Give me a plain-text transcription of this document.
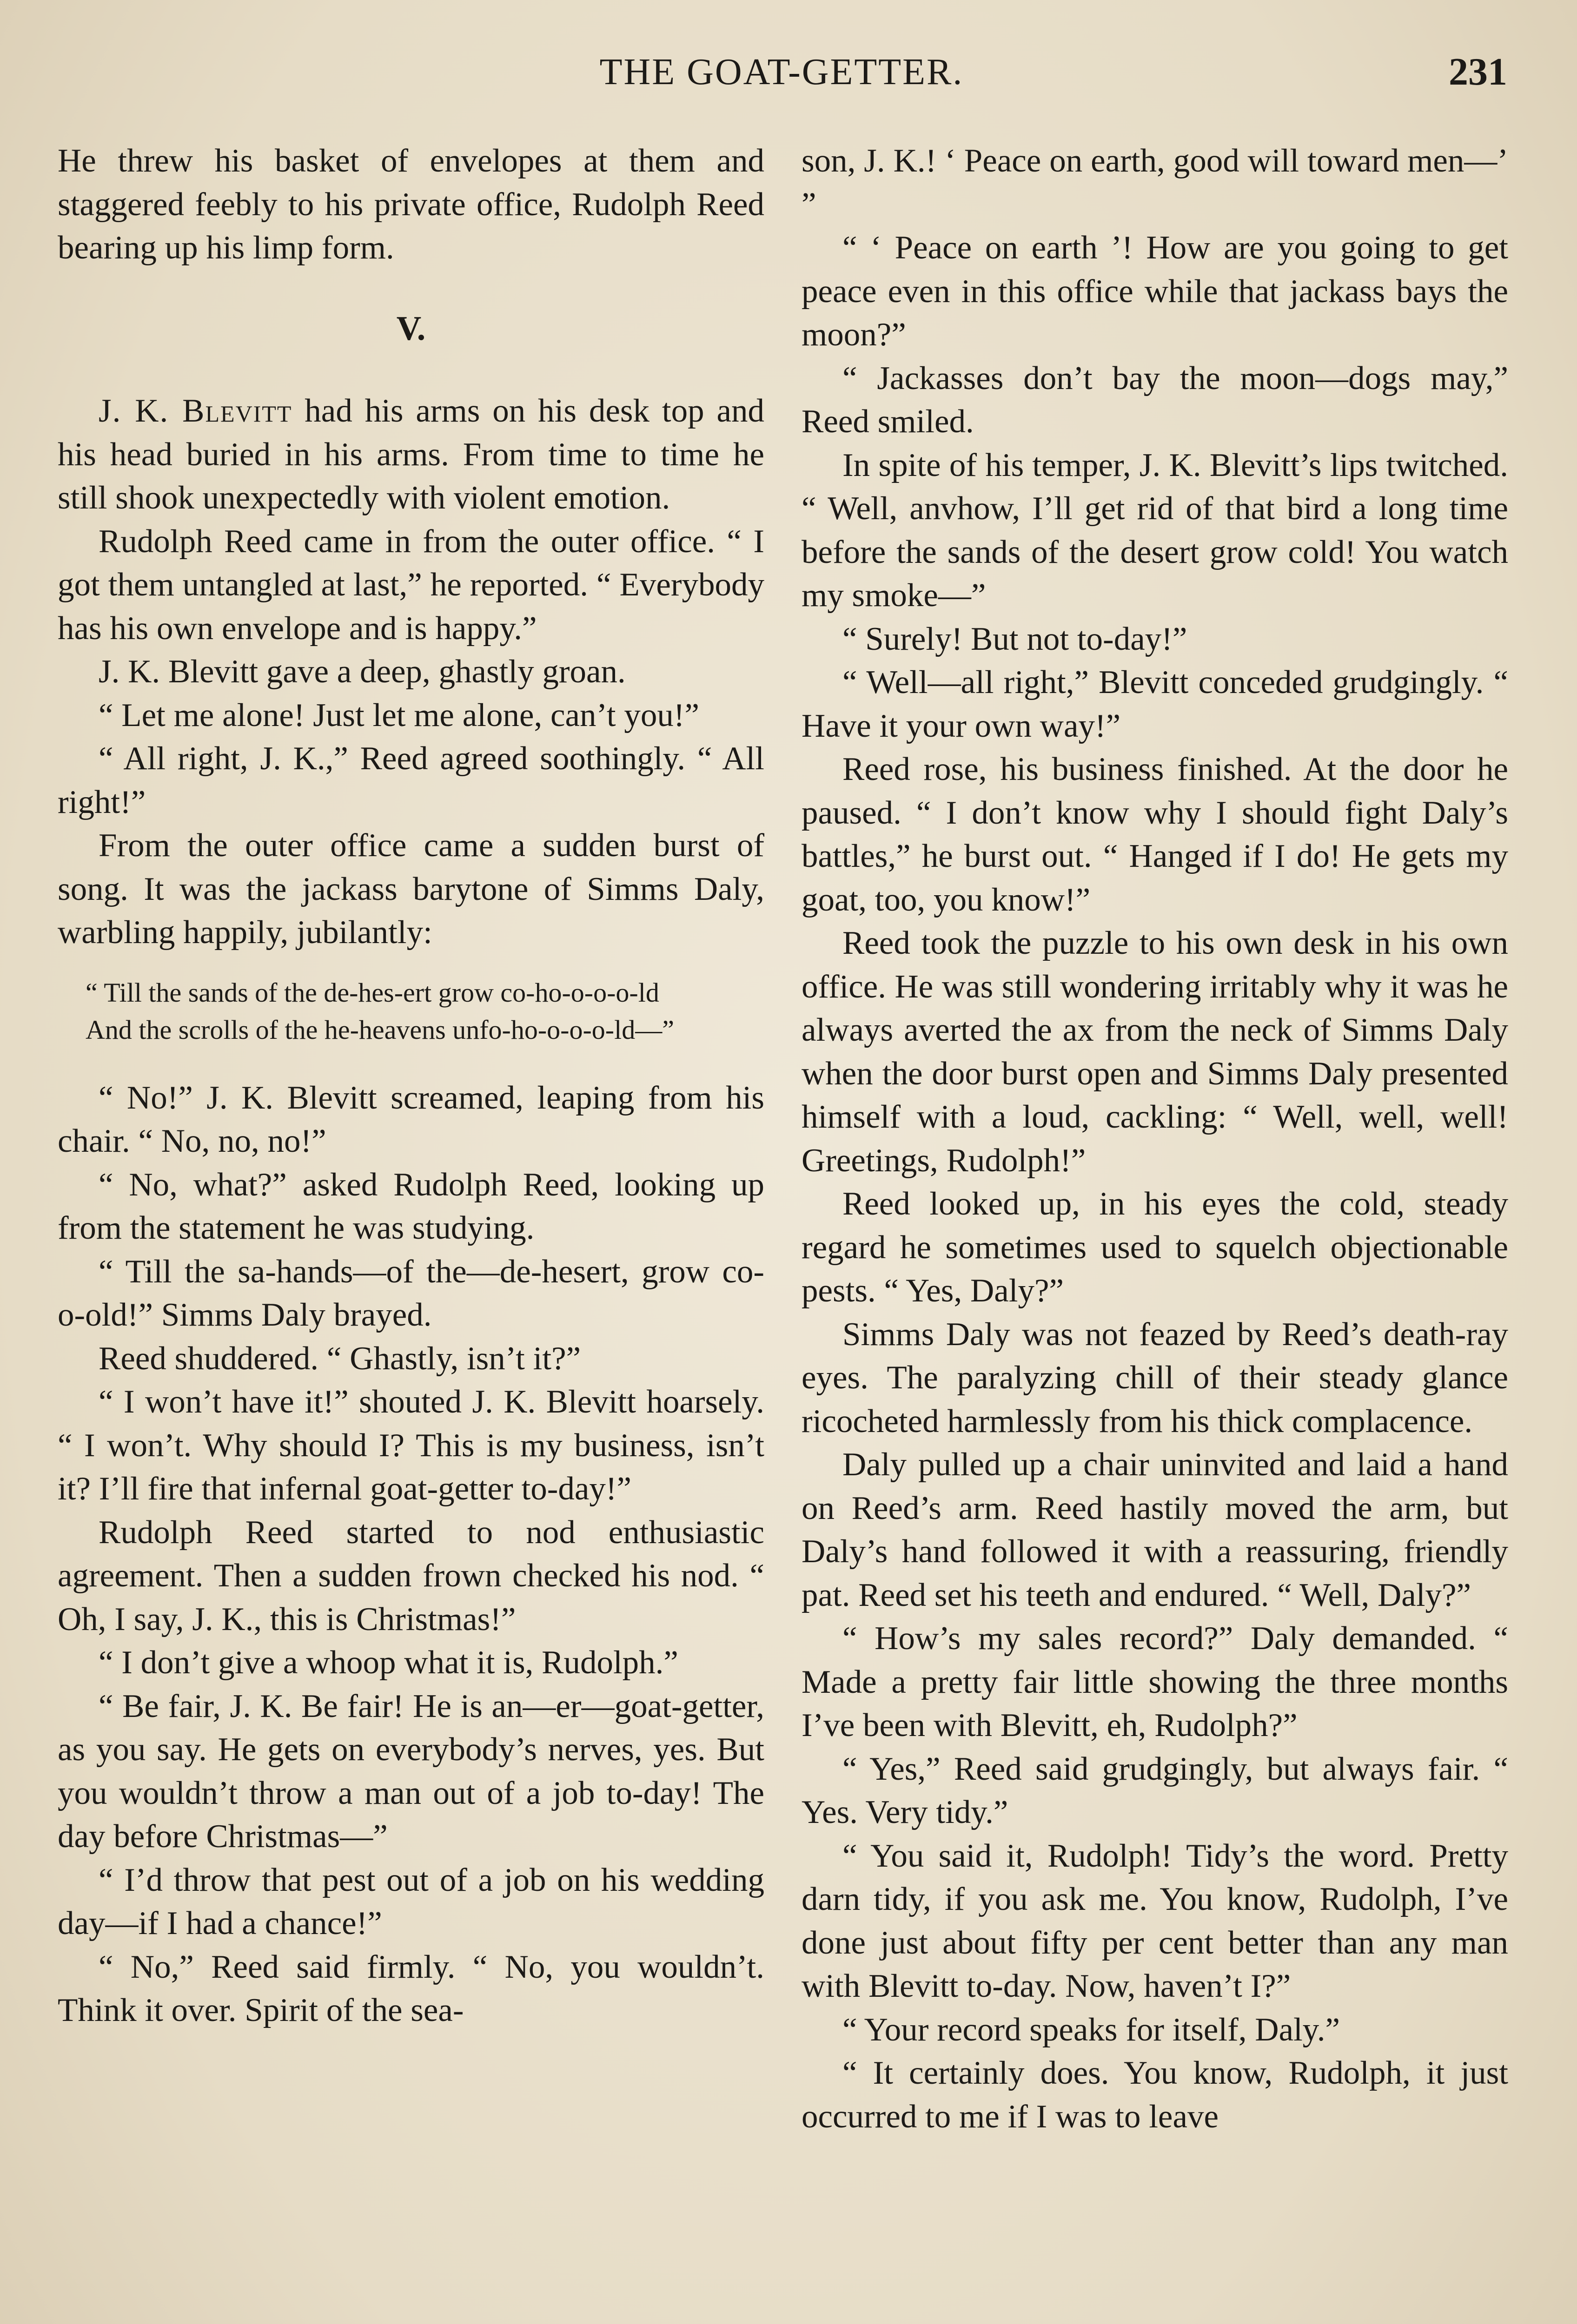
THE GOAT-GETTER.	231

He threw his basket of envelopes at them and staggered feebly to his private office, Rudolph Reed bearing up his limp form.

V.

J. K. Blevitt had his arms on his desk top and his head buried in his arms. From time to time he still shook unexpectedly with violent emotion.

Rudolph Reed came in from the outer office. “ I got them untangled at last,” he reported. “ Everybody has his own envelope and is happy.”

J. K. Blevitt gave a deep, ghastly groan.

“ Let me alone! Just let me alone, can’t you!”

“ All right, J. K.,” Reed agreed soothingly. “ All right!”

From the outer office came a sudden burst of song. It was the jackass barytone of Simms Daly, warbling happily, jubilantly:

“ Till the sands of the de-hes-ert grow co-ho-o-o-o-ld
And the scrolls of the he-heavens unfo-ho-o-o-o-ld—”

“ No!” J. K. Blevitt screamed, leaping from his chair. “ No, no, no!”

“ No, what?” asked Rudolph Reed, looking up from the statement he was studying.

“ Till the sa-hands—of the—de-hesert, grow co-o-old!” Simms Daly brayed.

Reed shuddered. “ Ghastly, isn’t it?”

“ I won’t have it!” shouted J. K. Blevitt hoarsely. “ I won’t. Why should I? This is my business, isn’t it? I’ll fire that infernal goat-getter to-day!”

Rudolph Reed started to nod enthusiastic agreement. Then a sudden frown checked his nod. “ Oh, I say, J. K., this is Christmas!”

“ I don’t give a whoop what it is, Rudolph.”

“ Be fair, J. K. Be fair! He is an—er—goat-getter, as you say. He gets on everybody’s nerves, yes. But you wouldn’t throw a man out of a job to-day! The day before Christmas—”

“ I’d throw that pest out of a job on his wedding day—if I had a chance!”

“ No,” Reed said firmly. “ No, you wouldn’t. Think it over. Spirit of the sea-

son, J. K.! ‘ Peace on earth, good will toward men—’ ”

“ ‘ Peace on earth ’! How are you going to get peace even in this office while that jackass bays the moon?”

“ Jackasses don’t bay the moon—dogs may,” Reed smiled.

In spite of his temper, J. K. Blevitt’s lips twitched. “ Well, anvhow, I’ll get rid of that bird a long time before the sands of the desert grow cold! You watch my smoke—”

“ Surely! But not to-day!”

“ Well—all right,” Blevitt conceded grudgingly. “ Have it your own way!”

Reed rose, his business finished. At the door he paused. “ I don’t know why I should fight Daly’s battles,” he burst out. “ Hanged if I do! He gets my goat, too, you know!”

Reed took the puzzle to his own desk in his own office. He was still wondering irritably why it was he always averted the ax from the neck of Simms Daly when the door burst open and Simms Daly presented himself with a loud, cackling: “ Well, well, well! Greetings, Rudolph!”

Reed looked up, in his eyes the cold, steady regard he sometimes used to squelch objectionable pests. “ Yes, Daly?”

Simms Daly was not feazed by Reed’s death-ray eyes. The paralyzing chill of their steady glance ricocheted harmlessly from his thick complacence.

Daly pulled up a chair uninvited and laid a hand on Reed’s arm. Reed hastily moved the arm, but Daly’s hand followed it with a reassuring, friendly pat. Reed set his teeth and endured. “ Well, Daly?”

“ How’s my sales record?” Daly demanded. “ Made a pretty fair little showing the three months I’ve been with Blevitt, eh, Rudolph?”

“ Yes,” Reed said grudgingly, but always fair. “ Yes. Very tidy.”

“ You said it, Rudolph! Tidy’s the word. Pretty darn tidy, if you ask me. You know, Rudolph, I’ve done just about fifty per cent better than any man with Blevitt to-day. Now, haven’t I?”

“ Your record speaks for itself, Daly.”

“ It certainly does. You know, Rudolph, it just occurred to me if I was to leave
